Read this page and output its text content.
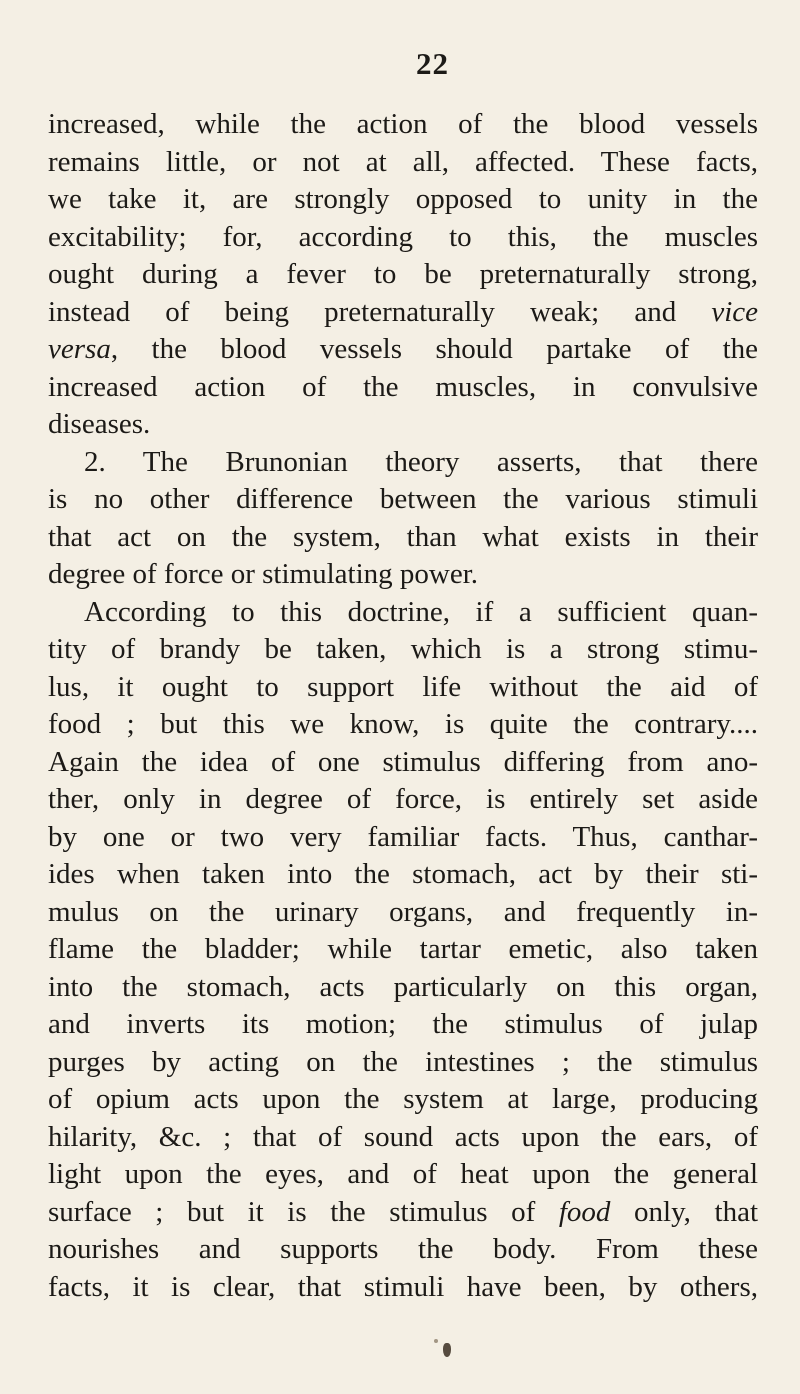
22
increased, while the action of the blood vessels
remains little, or not at all, affected. These facts,
we take it, are strongly opposed to unity in the
excitability; for, according to this, the muscles
ought during a fever to be preternaturally strong,
instead of being preternaturally weak; and vice
versa, the blood vessels should partake of the
increased action of the muscles, in convulsive
diseases.
2. The Brunonian theory asserts, that there
is no other difference between the various stimuli
that act on the system, than what exists in their
degree of force or stimulating power.
According to this doctrine, if a sufficient quan-
tity of brandy be taken, which is a strong stimu-
lus, it ought to support life without the aid of
food ; but this we know, is quite the contrary....
Again the idea of one stimulus differing from ano-
ther, only in degree of force, is entirely set aside
by one or two very familiar facts. Thus, canthar-
ides when taken into the stomach, act by their sti-
mulus on the urinary organs, and frequently in-
flame the bladder; while tartar emetic, also taken
into the stomach, acts particularly on this organ,
and inverts its motion; the stimulus of julap
purges by acting on the intestines ; the stimulus
of opium acts upon the system at large, producing
hilarity, &c. ; that of sound acts upon the ears, of
light upon the eyes, and of heat upon the general
surface ; but it is the stimulus of food only, that
nourishes and supports the body. From these
facts, it is clear, that stimuli have been, by others,
